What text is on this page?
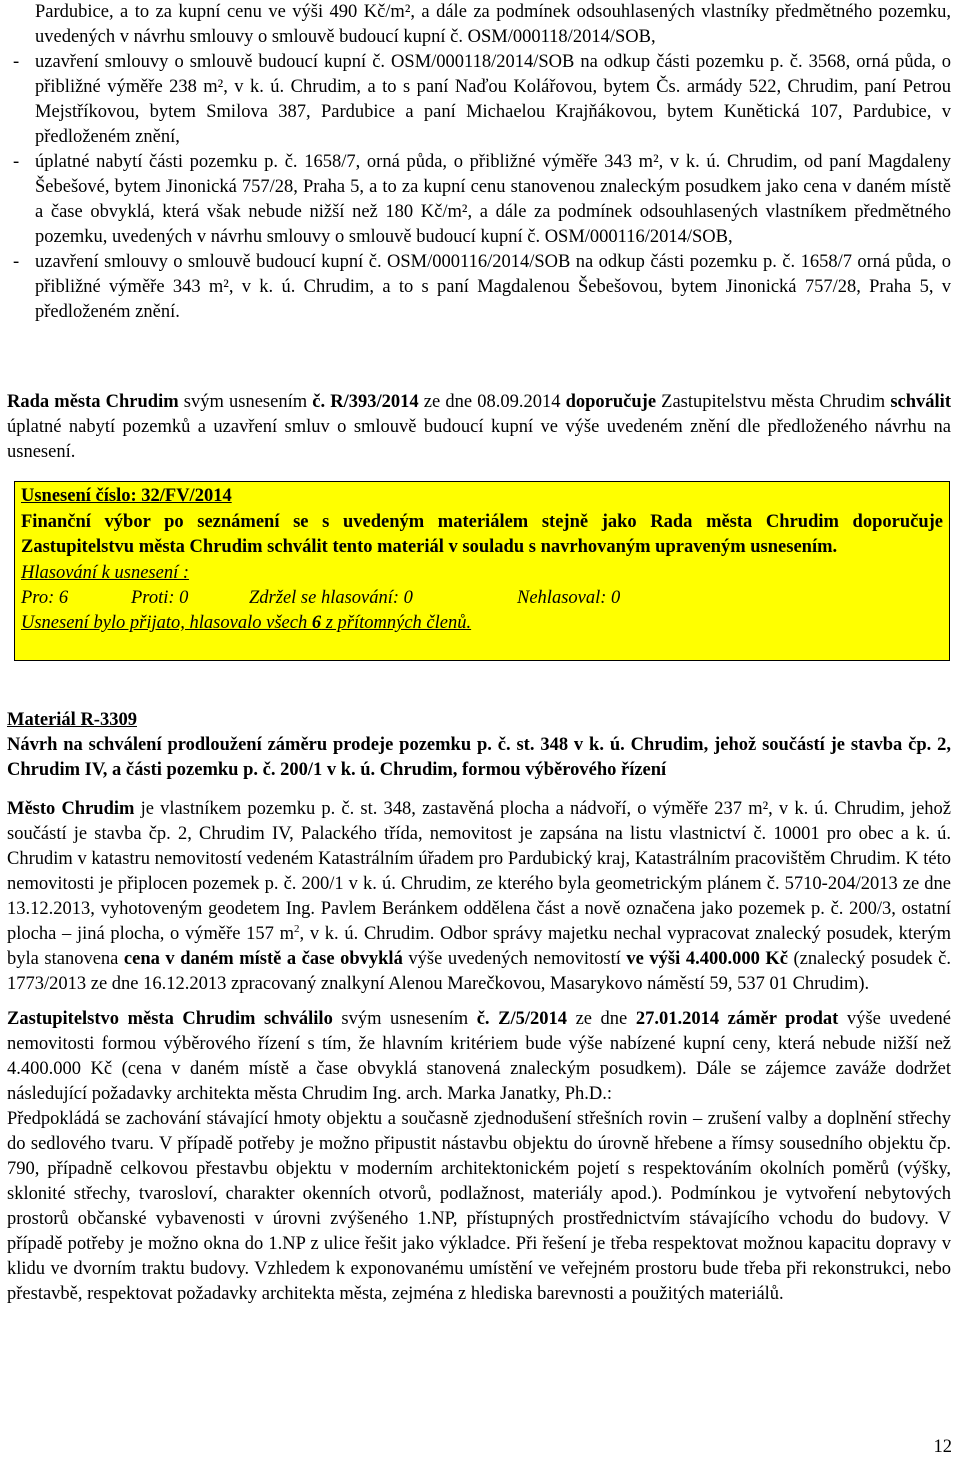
Pardubice, a to za kupní cenu ve výši 490 Kč/m², a dále za podmínek odsouhlasených vlastníky předmětného pozemku, uvedených v návrhu smlouvy o smlouvě budoucí kupní č. OSM/000118/2014/SOB,

- uzavření smlouvy o smlouvě budoucí kupní č. OSM/000118/2014/SOB na odkup části pozemku p. č. 3568, orná půda, o přibližné výměře 238 m², v k. ú. Chrudim, a to s paní Naďou Kolářovou, bytem Čs. armády 522, Chrudim, paní Petrou Mejstříkovou, bytem Smilova 387, Pardubice a paní Michaelou Krajňákovou, bytem Kunětická 107, Pardubice, v předloženém znění,

- úplatné nabytí části pozemku p. č. 1658/7, orná půda, o přibližné výměře 343 m², v k. ú. Chrudim, od paní Magdaleny Šebešové, bytem Jinonická 757/28, Praha 5, a to za kupní cenu stanovenou znaleckým posudkem jako cena v daném místě a čase obvyklá, která však nebude nižší než 180 Kč/m², a dále za podmínek odsouhlasených vlastníkem předmětného pozemku, uvedených v návrhu smlouvy o smlouvě budoucí kupní č. OSM/000116/2014/SOB,

- uzavření smlouvy o smlouvě budoucí kupní č. OSM/000116/2014/SOB na odkup části pozemku p. č. 1658/7 orná půda, o přibližné výměře 343 m², v k. ú. Chrudim, a to s paní Magdalenou Šebešovou, bytem Jinonická 757/28, Praha 5, v předloženém znění.

Rada města Chrudim svým usnesením č. R/393/2014 ze dne 08.09.2014 doporučuje Zastupitelstvu města Chrudim schválit úplatné nabytí pozemků a uzavření smluv o smlouvě budoucí kupní ve výše uvedeném znění dle předloženého návrhu na usnesení.

Usnesení číslo: 32/FV/2014

Finanční výbor po seznámení se s uvedeným materiálem stejně jako Rada města Chrudim doporučuje Zastupitelstvu města Chrudim schválit tento materiál v souladu s navrhovaným upraveným usnesením.

Hlasování k usnesení :

Pro: 6	Proti: 0	Zdržel se hlasování: 0	Nehlasoval: 0

Usnesení bylo přijato, hlasovalo všech 6 z přítomných členů.

Materiál R-3309

Návrh na schválení prodloužení záměru prodeje pozemku p. č. st. 348 v k. ú. Chrudim, jehož součástí je stavba čp. 2, Chrudim IV, a části pozemku p. č. 200/1 v k. ú. Chrudim, formou výběrového řízení

Město Chrudim je vlastníkem pozemku p. č. st. 348, zastavěná plocha a nádvoří, o výměře 237 m², v k. ú. Chrudim, jehož součástí je stavba čp. 2, Chrudim IV, Palackého třída, nemovitost je zapsána na listu vlastnictví č. 10001 pro obec a k. ú. Chrudim v katastru nemovitostí vedeném Katastrálním úřadem pro Pardubický kraj, Katastrálním pracovištěm Chrudim. K této nemovitosti je připlocen pozemek p. č. 200/1 v k. ú. Chrudim, ze kterého byla geometrickým plánem č. 5710-204/2013 ze dne 13.12.2013, vyhotoveným geodetem Ing. Pavlem Beránkem oddělena část a nově označena jako pozemek p. č. 200/3, ostatní plocha – jiná plocha, o výměře 157 $m^2$, v k. ú. Chrudim. Odbor správy majetku nechal vypracovat znalecký posudek, kterým byla stanovena cena v daném místě a čase obvyklá výše uvedených nemovitostí ve výši 4.400.000 Kč (znalecký posudek č. 1773/2013 ze dne 16.12.2013 zpracovaný znalkyní Alenou Marečkovou, Masarykovo náměstí 59, 537 01 Chrudim).

Zastupitelstvo města Chrudim schválilo svým usnesením č. Z/5/2014 ze dne 27.01.2014 záměr prodat výše uvedené nemovitosti formou výběrového řízení s tím, že hlavním kritériem bude výše nabízené kupní ceny, která nebude nižší než 4.400.000 Kč (cena v daném místě a čase obvyklá stanovená znaleckým posudkem). Dále se zájemce zaváže dodržet následující požadavky architekta města Chrudim Ing. arch. Marka Janatky, Ph.D.:

Předpokládá se zachování stávající hmoty objektu a současně zjednodušení střešních rovin – zrušení valby a doplnění střechy do sedlového tvaru. V případě potřeby je možno připustit nástavbu objektu do úrovně hřebene a římsy sousedního objektu čp. 790, případně celkovou přestavbu objektu v moderním architektonickém pojetí s respektováním okolních poměrů (výšky, sklonité střechy, tvarosloví, charakter okenních otvorů, podlažnost, materiály apod.). Podmínkou je vytvoření nebytových prostorů občanské vybavenosti v úrovni zvýšeného 1.NP, přístupných prostřednictvím stávajícího vchodu do budovy. V případě potřeby je možno okna do 1.NP z ulice řešit jako výkladce. Při řešení je třeba respektovat možnou kapacitu dopravy v klidu ve dvorním traktu budovy. Vzhledem k exponovanému umístění ve veřejném prostoru bude třeba při rekonstrukci, nebo přestavbě, respektovat požadavky architekta města, zejména z hlediska barevnosti a použitých materiálů.

12
